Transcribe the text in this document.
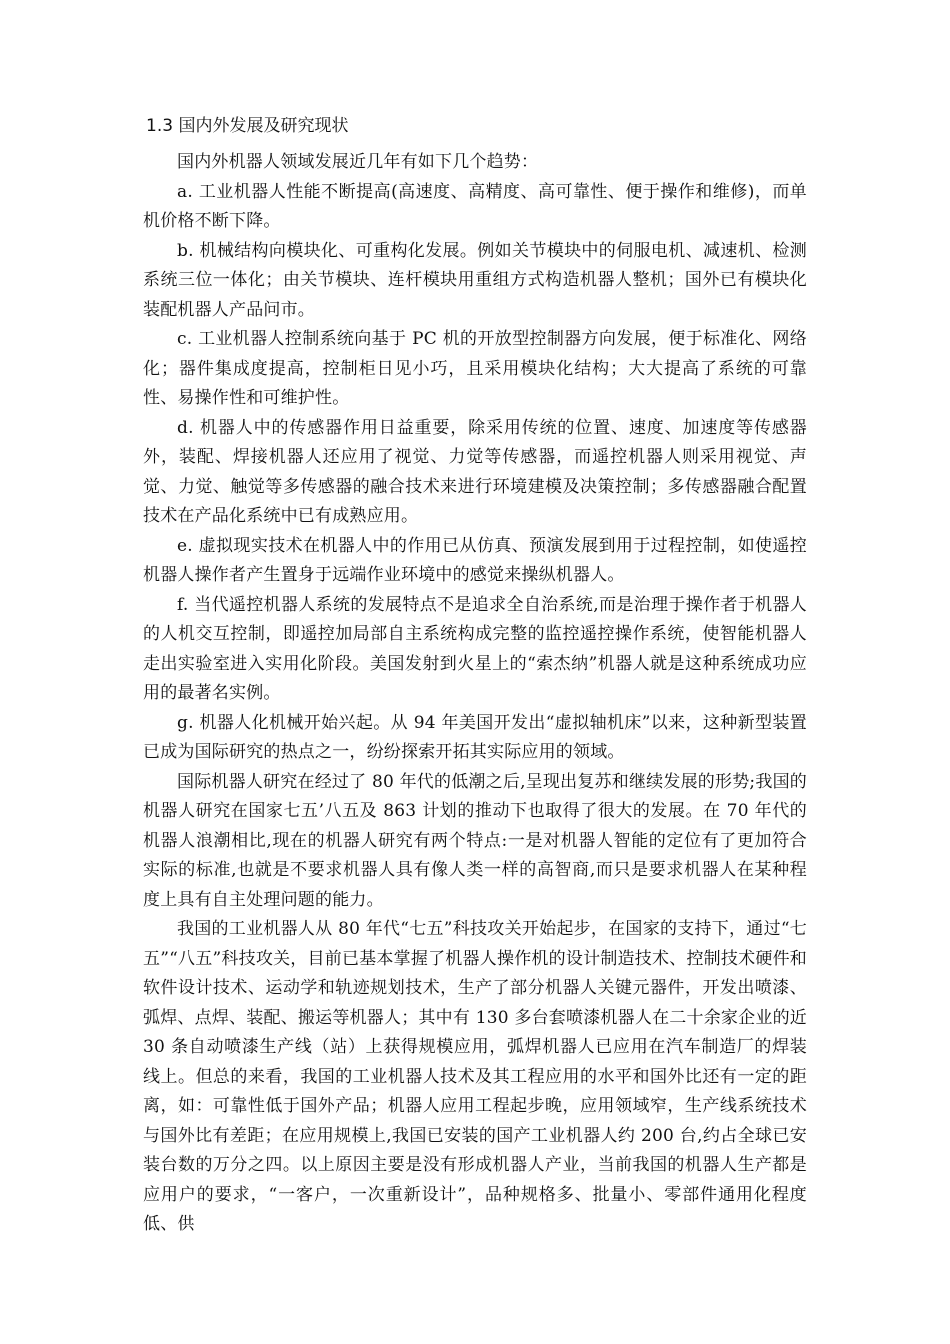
1.3 国内外发展及研究现状

国内外机器人领域发展近几年有如下几个趋势：

a. 工业机器人性能不断提高(高速度、高精度、高可靠性、便于操作和维修)，而单机价格不断下降。

b. 机械结构向模块化、可重构化发展。例如关节模块中的伺服电机、减速机、检测系统三位一体化；由关节模块、连杆模块用重组方式构造机器人整机；国外已有模块化装配机器人产品问市。

c. 工业机器人控制系统向基于 PC 机的开放型控制器方向发展，便于标准化、网络化；器件集成度提高，控制柜日见小巧，且采用模块化结构；大大提高了系统的可靠性、易操作性和可维护性。

d. 机器人中的传感器作用日益重要，除采用传统的位置、速度、加速度等传感器外，装配、焊接机器人还应用了视觉、力觉等传感器，而遥控机器人则采用视觉、声觉、力觉、触觉等多传感器的融合技术来进行环境建模及决策控制；多传感器融合配置技术在产品化系统中已有成熟应用。

e. 虚拟现实技术在机器人中的作用已从仿真、预演发展到用于过程控制，如使遥控机器人操作者产生置身于远端作业环境中的感觉来操纵机器人。

f. 当代遥控机器人系统的发展特点不是追求全自治系统,而是治理于操作者于机器人的人机交互控制，即遥控加局部自主系统构成完整的监控遥控操作系统，使智能机器人走出实验室进入实用化阶段。美国发射到火星上的“索杰纳”机器人就是这种系统成功应用的最著名实例。

g. 机器人化机械开始兴起。从 94 年美国开发出“虚拟轴机床”以来，这种新型装置已成为国际研究的热点之一，纷纷探索开拓其实际应用的领域。

国际机器人研究在经过了 80 年代的低潮之后,呈现出复苏和继续发展的形势;我国的机器人研究在国家七五’八五及 863 计划的推动下也取得了很大的发展。在 70 年代的机器人浪潮相比,现在的机器人研究有两个特点:一是对机器人智能的定位有了更加符合实际的标准,也就是不要求机器人具有像人类一样的高智商,而只是要求机器人在某种程度上具有自主处理问题的能力。

我国的工业机器人从 80 年代“七五”科技攻关开始起步，在国家的支持下，通过“七五”“八五”科技攻关，目前已基本掌握了机器人操作机的设计制造技术、控制技术硬件和软件设计技术、运动学和轨迹规划技术，生产了部分机器人关键元器件，开发出喷漆、弧焊、点焊、装配、搬运等机器人；其中有 130 多台套喷漆机器人在二十余家企业的近 30 条自动喷漆生产线（站）上获得规模应用，弧焊机器人已应用在汽车制造厂的焊装线上。但总的来看，我国的工业机器人技术及其工程应用的水平和国外比还有一定的距离，如：可靠性低于国外产品；机器人应用工程起步晚，应用领域窄，生产线系统技术与国外比有差距；在应用规模上,我国已安装的国产工业机器人约 200 台,约占全球已安装台数的万分之四。以上原因主要是没有形成机器人产业，当前我国的机器人生产都是应用户的要求，“一客户，一次重新设计”，品种规格多、批量小、零部件通用化程度低、供
